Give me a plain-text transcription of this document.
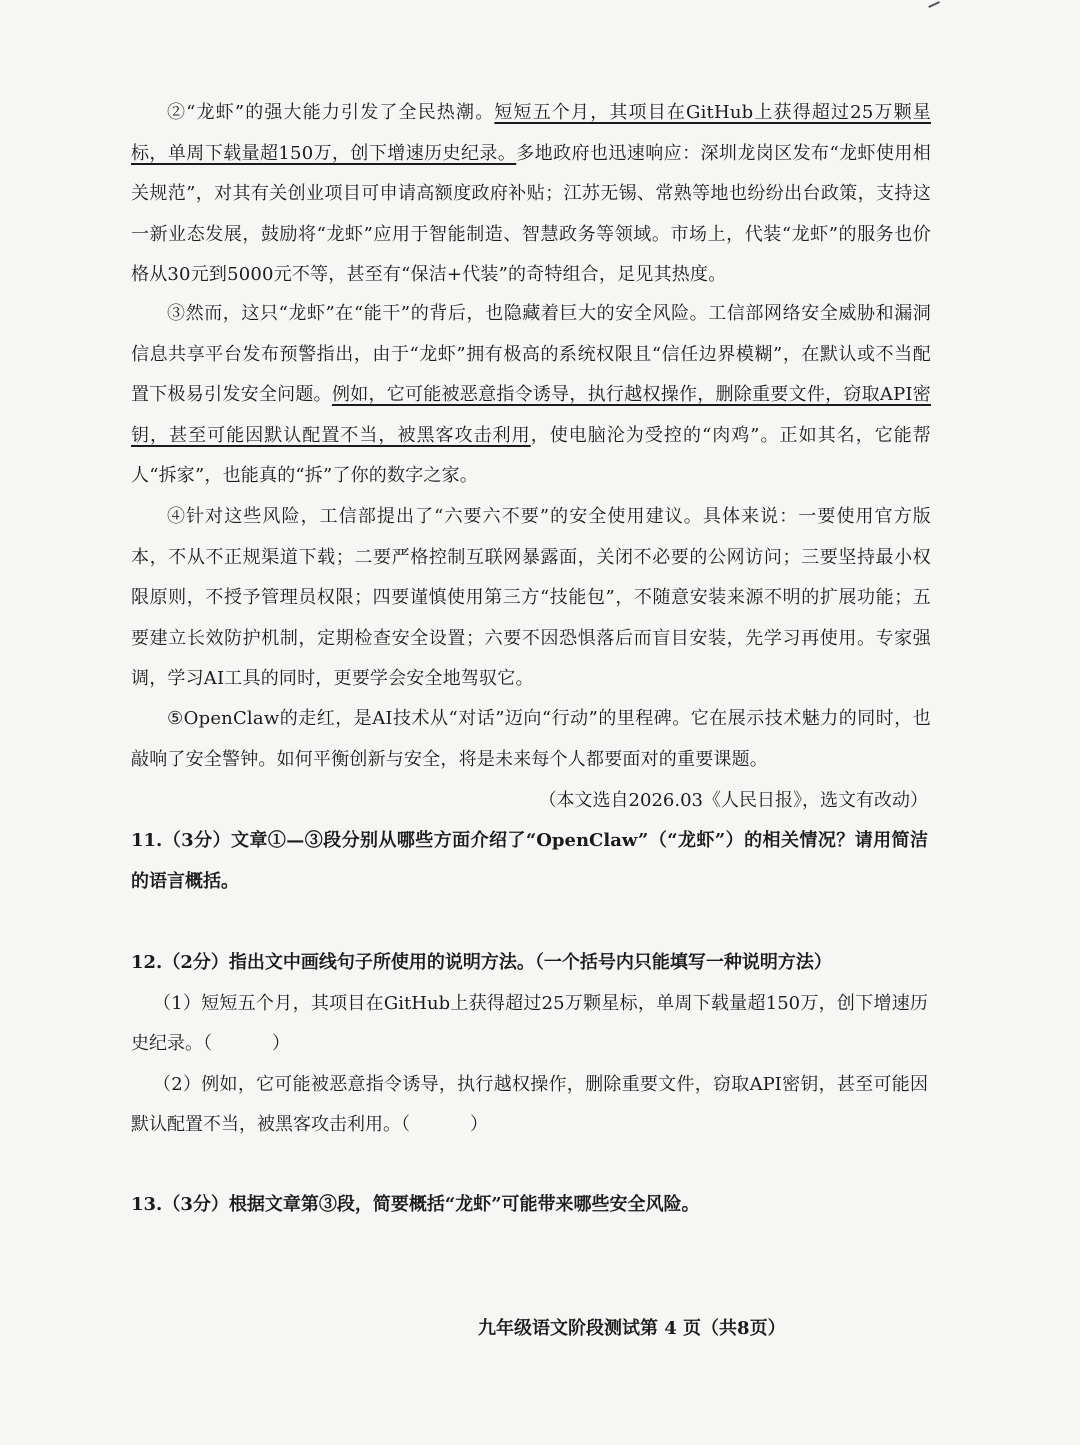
②“龙虾”的强大能力引发了全民热潮。短短五个月，其项目在GitHub上获得超过25万颗星标，单周下载量超150万，创下增速历史纪录。多地政府也迅速响应：深圳龙岗区发布“龙虾使用相关规范”，对其有关创业项目可申请高额度政府补贴；江苏无锡、常熟等地也纷纷出台政策，支持这一新业态发展，鼓励将“龙虾”应用于智能制造、智慧政务等领域。市场上，代装“龙虾”的服务也价格从30元到5000元不等，甚至有“保洁+代装”的奇特组合，足见其热度。

③然而，这只“龙虾”在“能干”的背后，也隐藏着巨大的安全风险。工信部网络安全威胁和漏洞信息共享平台发布预警指出，由于“龙虾”拥有极高的系统权限且“信任边界模糊”，在默认或不当配置下极易引发安全问题。例如，它可能被恶意指令诱导，执行越权操作，删除重要文件，窃取API密钥，甚至可能因默认配置不当，被黑客攻击利用，使电脑沦为受控的“肉鸡”。正如其名，它能帮人“拆家”，也能真的“拆”了你的数字之家。

④针对这些风险，工信部提出了“六要六不要”的安全使用建议。具体来说：一要使用官方版本，不从不正规渠道下载；二要严格控制互联网暴露面，关闭不必要的公网访问；三要坚持最小权限原则，不授予管理员权限；四要谨慎使用第三方“技能包”，不随意安装来源不明的扩展功能；五要建立长效防护机制，定期检查安全设置；六要不因恐惧落后而盲目安装，先学习再使用。专家强调，学习AI工具的同时，更要学会安全地驾驭它。

⑤OpenClaw的走红，是AI技术从“对话”迈向“行动”的里程碑。它在展示技术魅力的同时，也敲响了安全警钟。如何平衡创新与安全，将是未来每个人都要面对的重要课题。

（本文选自2026.03《人民日报》，选文有改动）
11.（3分）文章①—③段分别从哪些方面介绍了“OpenClaw”（“龙虾”）的相关情况？请用简洁的语言概括。

12.（2分）指出文中画线句子所使用的说明方法。（一个括号内只能填写一种说明方法）

（1）短短五个月，其项目在GitHub上获得超过25万颗星标，单周下载量超150万，创下增速历史纪录。（	）

（2）例如，它可能被恶意指令诱导，执行越权操作，删除重要文件，窃取API密钥，甚至可能因默认配置不当，被黑客攻击利用。（	）

13.（3分）根据文章第③段，简要概括“龙虾”可能带来哪些安全风险。
九年级语文阶段测试第 4 页（共8页）
